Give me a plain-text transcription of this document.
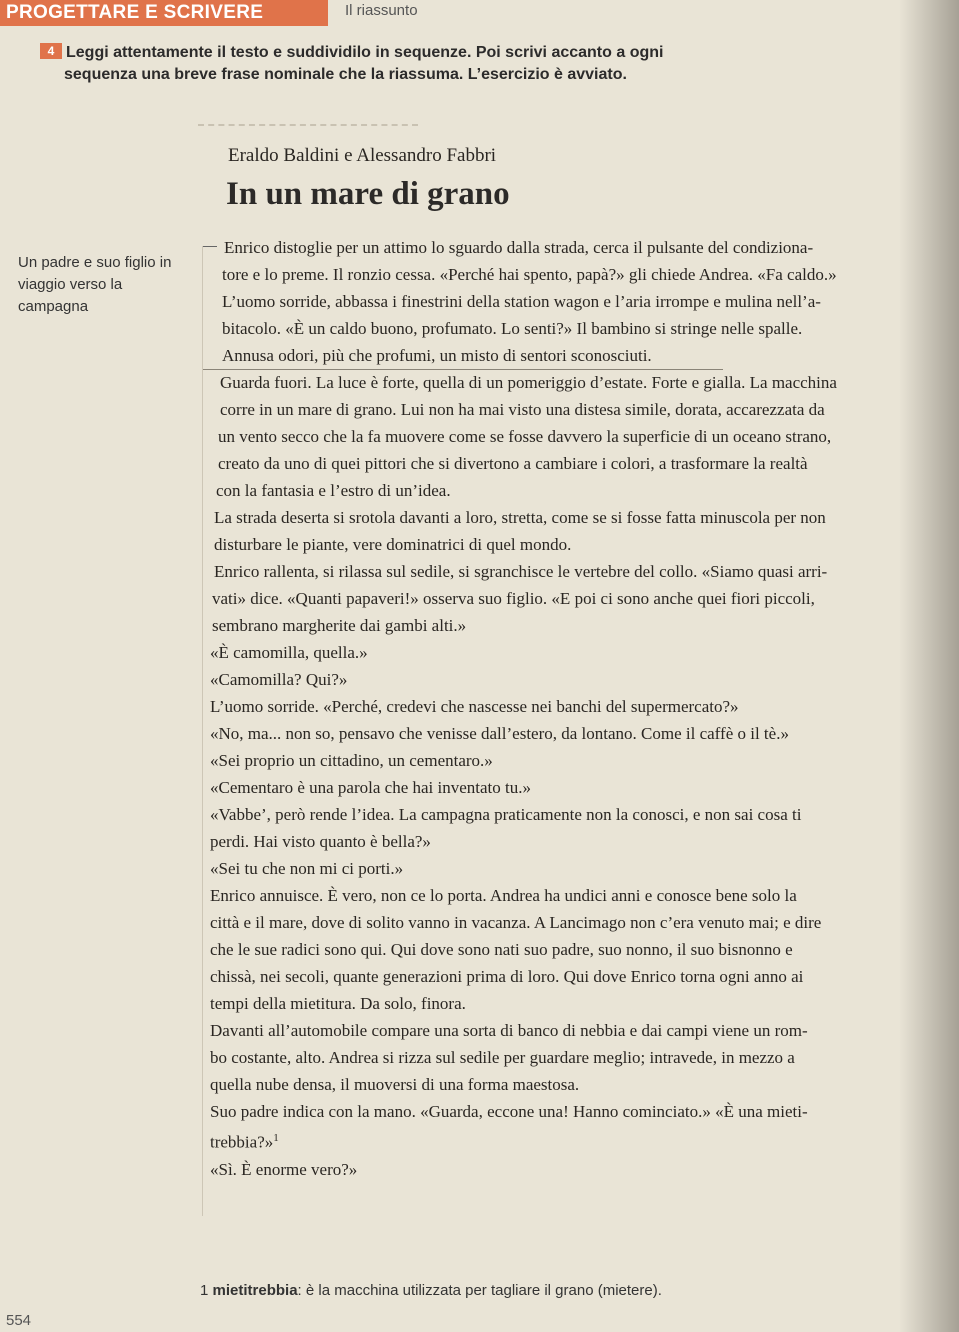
PROGETTARE E SCRIVERE	Il riassunto
4 Leggi attentamente il testo e suddividilo in sequenze. Poi scrivi accanto a ogni
sequenza una breve frase nominale che la riassuma. L’esercizio è avviato.
Eraldo Baldini e Alessandro Fabbri
In un mare di grano
Un padre e suo figlio in viaggio verso la campagna

Enrico distoglie per un attimo lo sguardo dalla strada, cerca il pulsante del condiziona-

tore e lo preme. Il ronzio cessa. «Perché hai spento, papà?» gli chiede Andrea. «Fa caldo.»

L’uomo sorride, abbassa i finestrini della station wagon e l’aria irrompe e mulina nell’a-

bitacolo. «È un caldo buono, profumato. Lo senti?» Il bambino si stringe nelle spalle.

Annusa odori, più che profumi, un misto di sentori sconosciuti.

Guarda fuori. La luce è forte, quella di un pomeriggio d’estate. Forte e gialla. La macchina

corre in un mare di grano. Lui non ha mai visto una distesa simile, dorata, accarezzata da

un vento secco che la fa muovere come se fosse davvero la superficie di un oceano strano,

creato da uno di quei pittori che si divertono a cambiare i colori, a trasformare la realtà

con la fantasia e l’estro di un’idea.

La strada deserta si srotola davanti a loro, stretta, come se si fosse fatta minuscola per non

disturbare le piante, vere dominatrici di quel mondo.

Enrico rallenta, si rilassa sul sedile, si sgranchisce le vertebre del collo. «Siamo quasi arri-

vati» dice. «Quanti papaveri!» osserva suo figlio. «E poi ci sono anche quei fiori piccoli,

sembrano margherite dai gambi alti.»

«È camomilla, quella.»

«Camomilla? Qui?»

L’uomo sorride. «Perché, credevi che nascesse nei banchi del supermercato?»

«No, ma... non so, pensavo che venisse dall’estero, da lontano. Come il caffè o il tè.»

«Sei proprio un cittadino, un cementaro.»

«Cementaro è una parola che hai inventato tu.»

«Vabbe’, però rende l’idea. La campagna praticamente non la conosci, e non sai cosa ti

perdi. Hai visto quanto è bella?»

«Sei tu che non mi ci porti.»

Enrico annuisce. È vero, non ce lo porta. Andrea ha undici anni e conosce bene solo la

città e il mare, dove di solito vanno in vacanza. A Lancimago non c’era venuto mai; e dire

che le sue radici sono qui. Qui dove sono nati suo padre, suo nonno, il suo bisnonno e

chissà, nei secoli, quante generazioni prima di loro. Qui dove Enrico torna ogni anno ai

tempi della mietitura. Da solo, finora.

Davanti all’automobile compare una sorta di banco di nebbia e dai campi viene un rom-

bo costante, alto. Andrea si rizza sul sedile per guardare meglio; intravede, in mezzo a

quella nube densa, il muoversi di una forma maestosa.

Suo padre indica con la mano. «Guarda, eccone una! Hanno cominciato.» «È una mieti-

trebbia?»$^1$

«Sì. È enorme vero?»

1 mietitrebbia: è la macchina utilizzata per tagliare il grano (mietere).
554
